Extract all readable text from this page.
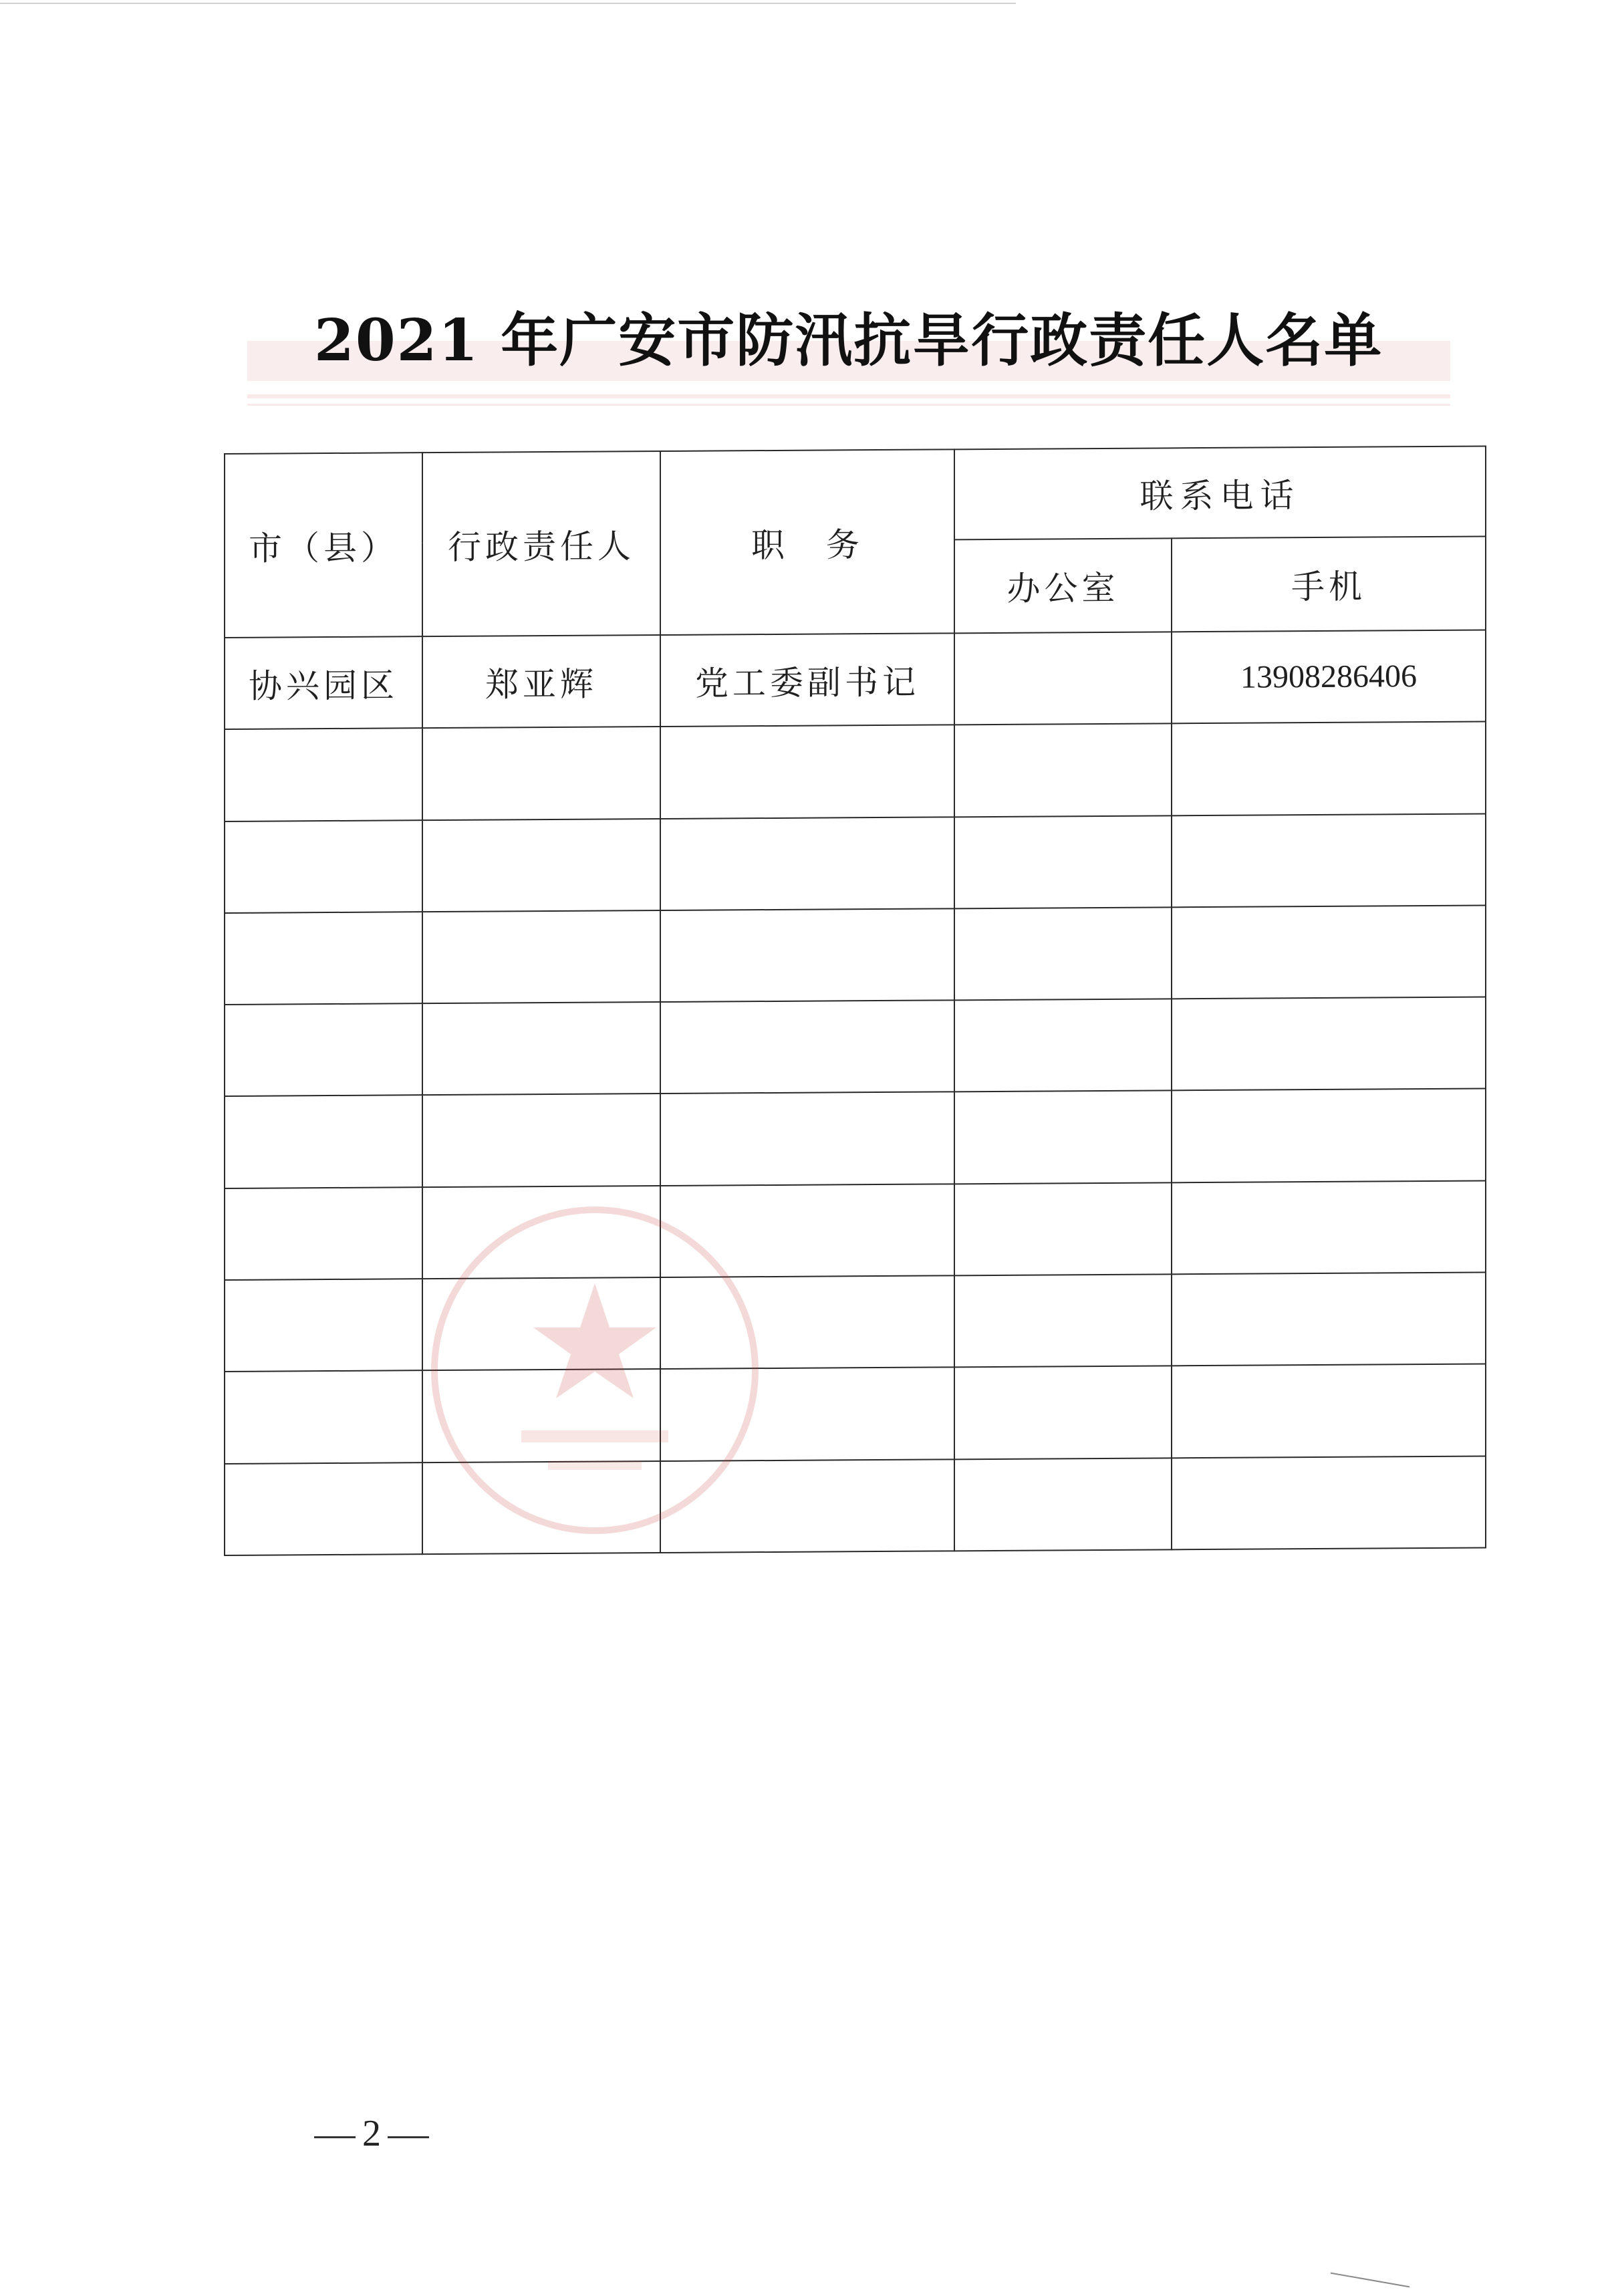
2021 年广安市防汛抗旱行政责任人名单
市（县）	行政责任人	职　务	联系电话	
			办公室	手机
协兴园区	郑亚辉	党工委副书记		13908286406

2
